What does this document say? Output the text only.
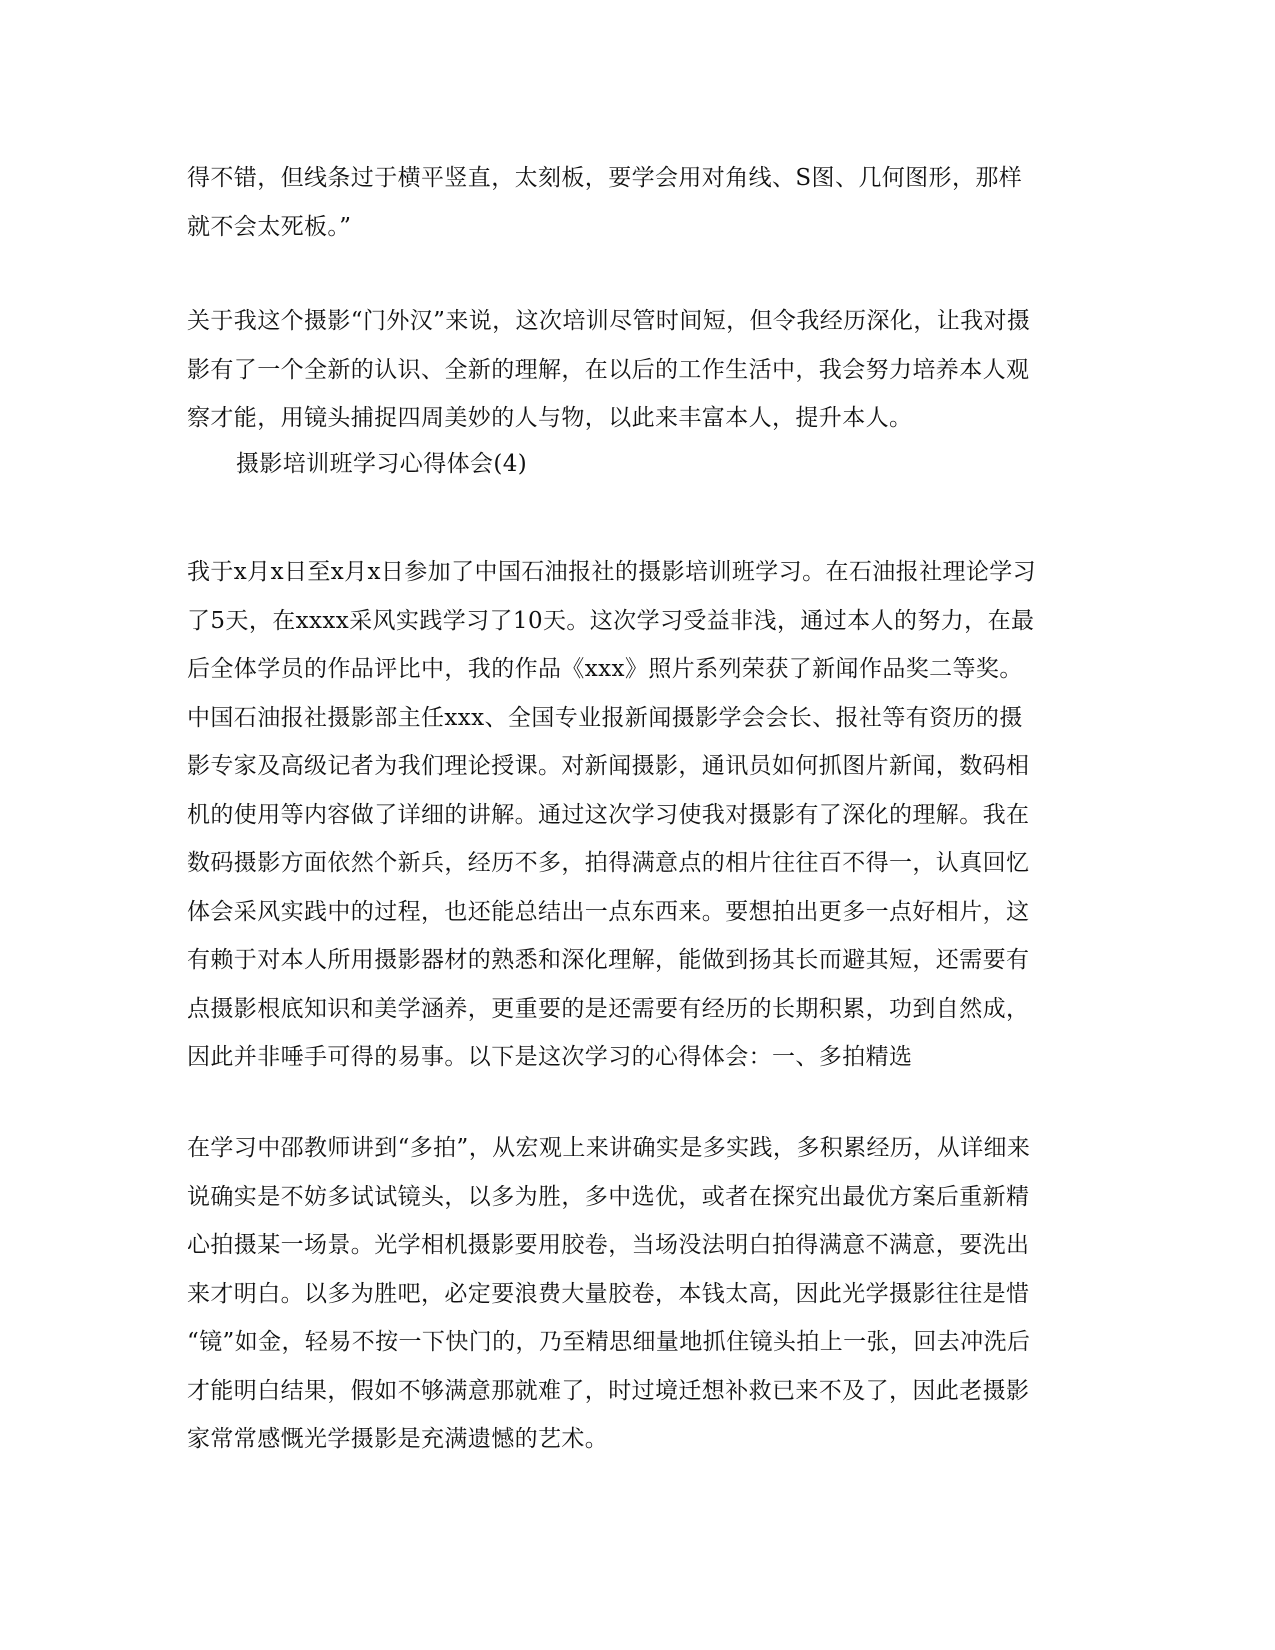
得不错，但线条过于横平竖直，太刻板，要学会用对角线、S图、几何图形，那样
就不会太死板。”
关于我这个摄影“门外汉”来说，这次培训尽管时间短，但令我经历深化，让我对摄
影有了一个全新的认识、全新的理解，在以后的工作生活中，我会努力培养本人观
察才能，用镜头捕捉四周美妙的人与物，以此来丰富本人，提升本人。
摄影培训班学习心得体会(4)
我于x月x日至x月x日参加了中国石油报社的摄影培训班学习。在石油报社理论学习
了5天，在xxxx采风实践学习了10天。这次学习受益非浅，通过本人的努力，在最
后全体学员的作品评比中，我的作品《xxx》照片系列荣获了新闻作品奖二等奖。
中国石油报社摄影部主任xxx、全国专业报新闻摄影学会会长、报社等有资历的摄
影专家及高级记者为我们理论授课。对新闻摄影，通讯员如何抓图片新闻，数码相
机的使用等内容做了详细的讲解。通过这次学习使我对摄影有了深化的理解。我在
数码摄影方面依然个新兵，经历不多，拍得满意点的相片往往百不得一，认真回忆
体会采风实践中的过程，也还能总结出一点东西来。要想拍出更多一点好相片，这
有赖于对本人所用摄影器材的熟悉和深化理解，能做到扬其长而避其短，还需要有
点摄影根底知识和美学涵养，更重要的是还需要有经历的长期积累，功到自然成，
因此并非唾手可得的易事。以下是这次学习的心得体会：一、多拍精选
在学习中邵教师讲到“多拍”，从宏观上来讲确实是多实践，多积累经历，从详细来
说确实是不妨多试试镜头，以多为胜，多中选优，或者在探究出最优方案后重新精
心拍摄某一场景。光学相机摄影要用胶卷，当场没法明白拍得满意不满意，要洗出
来才明白。以多为胜吧，必定要浪费大量胶卷，本钱太高，因此光学摄影往往是惜
“镜”如金，轻易不按一下快门的，乃至精思细量地抓住镜头拍上一张，回去冲洗后
才能明白结果，假如不够满意那就难了，时过境迁想补救已来不及了，因此老摄影
家常常感慨光学摄影是充满遗憾的艺术。
